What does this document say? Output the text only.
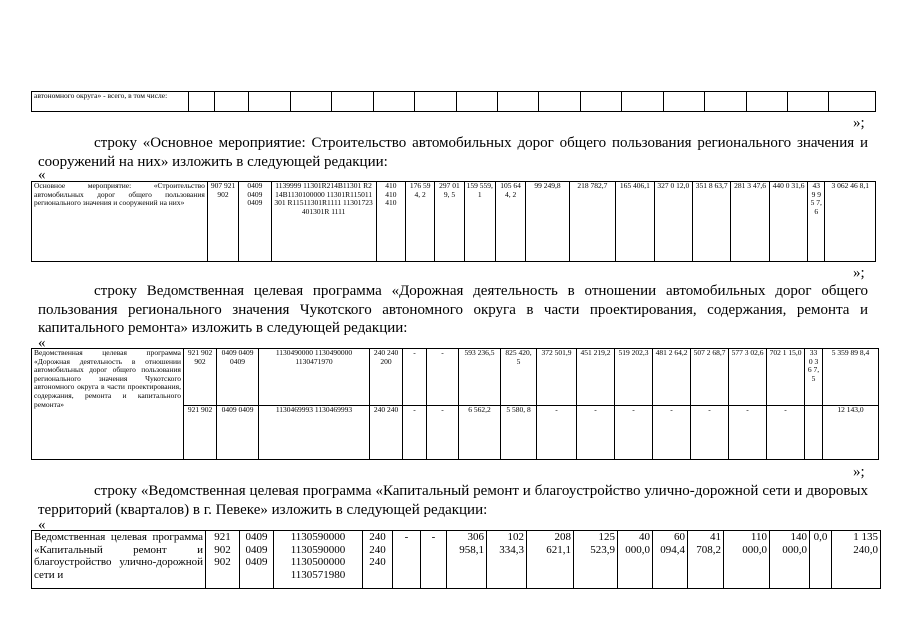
автономного округа» - всего, в том числе:																	
»;
строку «Основное мероприятие: Строительство автомобильных дорог общего пользования регионального значения и сооружений на них» изложить в следующей редакции:
«
Основное мероприятие: «Строительство автомобильных дорог общего пользования регионального значения и сооружений на них»	907 921 902	0409 0409 0409	1139999 11301R214B11301 R214B1130100000 11301R115011301 R11511301R1111 11301723401301R 1111	410 410 410	176 594, 2	297 019, 5	159 559,1	105 644, 2	99 249,8	218 782,7	165 406,1	327 0 12,0	351 8 63,7	281 3 47,6	440 0 31,6	43 9 95 7, 6	3 062 46 8,1
»;
строку Ведомственная целевая программа «Дорожная деятельность в отношении автомобильных дорог общего пользования регионального значения Чукотского автономного округа в части проектирования, содержания, ремонта и капитального ремонта» изложить в следующей редакции:
«
Ведомственная целевая программа «Дорожная деятельность в отношении автомобильных дорог общего пользования регионального значения Чукотского автономного округа в части проектирования, содержания, ремонта и капитального ремонта»	921 902 902	0409 0409 0409	1130490000 1130490000 1130471970	240 240 200	-	-	593 236,5	825 420, 5	372 501,9	451 219,2	519 202,3	481 2 64,2	507 2 68,7	577 3 02,6	702 1 15,0	33 0 36 7, 5	5 359 89 8,4
	921 902	0409 0409	1130469993 1130469993	240 240	-	-	6 562,2	5 580, 8	-	-	-	-	-	-	-		12 143,0
»;
строку «Ведомственная целевая программа «Капитальный ремонт и благоустройство улично-дорожной сети и дворовых территорий (кварталов) в г. Певеке» изложить в следующей редакции:
«
Ведомственная целевая программа «Капитальный ремонт и благоустройство улично-дорожной сети и	921 902 902	0409 0409 0409	1130590000 1130590000 1130500000 1130571980	240 240 240	-	-	306 958,1	102 334,3	208 621,1	125 523,9	40 000,0	60 094,4	41 708,2	110 000,0	140 000,0	0,0	1 135 240,0
